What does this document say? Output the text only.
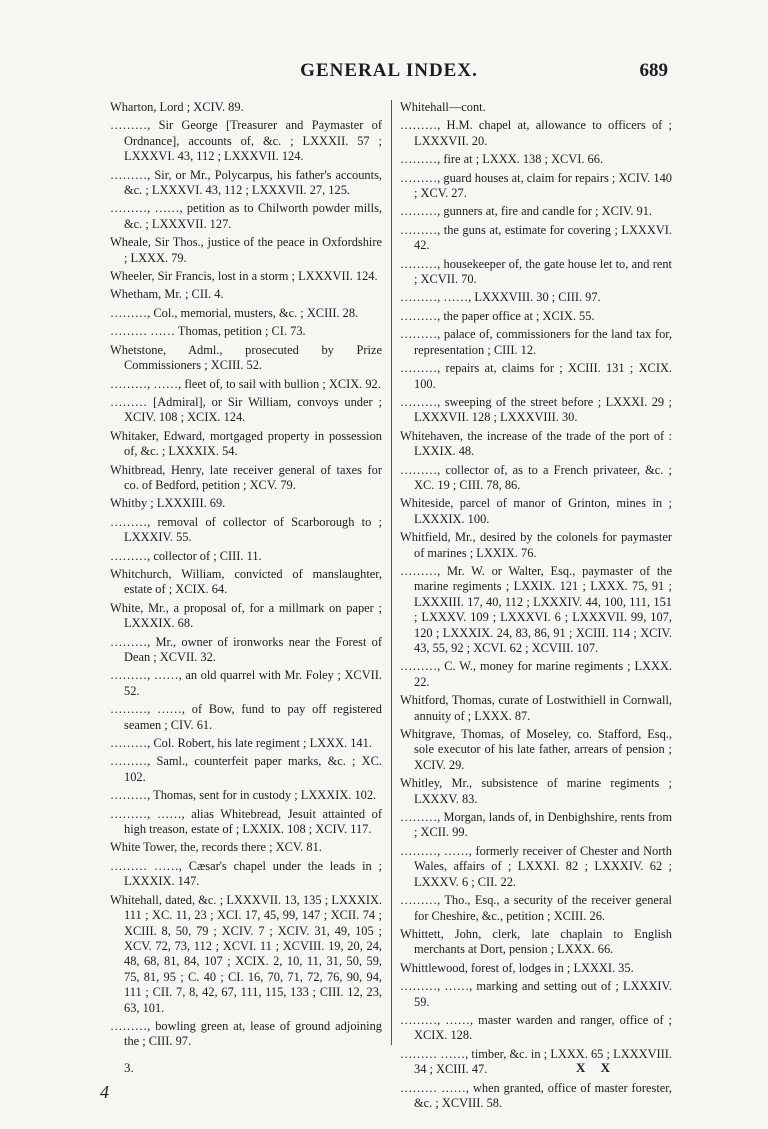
GENERAL INDEX.	689

Wharton, Lord ; XCIV. 89.

………, Sir George [Treasurer and Paymaster of Ordnance], accounts of, &c. ; LXXXII. 57 ; LXXXVI. 43, 112 ; LXXXVII. 124.

………, Sir, or Mr., Polycarpus, his father's accounts, &c. ; LXXXVI. 43, 112 ; LXXXVII. 27, 125.

………, ……, petition as to Chilworth powder mills, &c. ; LXXXVII. 127.

Wheale, Sir Thos., justice of the peace in Oxfordshire ; LXXX. 79.

Wheeler, Sir Francis, lost in a storm ; LXXXVII. 124.

Whetham, Mr. ; CII. 4.

………, Col., memorial, musters, &c. ; XCIII. 28.

……… …… Thomas, petition ; CI. 73.

Whetstone, Adml., prosecuted by Prize Commissioners ; XCIII. 52.

………, ……, fleet of, to sail with bullion ; XCIX. 92.

……… [Admiral], or Sir William, convoys under ; XCIV. 108 ; XCIX. 124.

Whitaker, Edward, mortgaged property in possession of, &c. ; LXXXIX. 54.

Whitbread, Henry, late receiver general of taxes for co. of Bedford, petition ; XCV. 79.

Whitby ; LXXXIII. 69.

………, removal of collector of Scarborough to ; LXXXIV. 55.

………, collector of ; CIII. 11.

Whitchurch, William, convicted of manslaughter, estate of ; XCIX. 64.

White, Mr., a proposal of, for a millmark on paper ; LXXXIX. 68.

………, Mr., owner of ironworks near the Forest of Dean ; XCVII. 32.

………, ……, an old quarrel with Mr. Foley ; XCVII. 52.

………, ……, of Bow, fund to pay off registered seamen ; CIV. 61.

………, Col. Robert, his late regiment ; LXXX. 141.

………, Saml., counterfeit paper marks, &c. ; XC. 102.

………, Thomas, sent for in custody ; LXXXIX. 102.

………, ……, alias Whitebread, Jesuit attainted of high treason, estate of ; LXXIX. 108 ; XCIV. 117.

White Tower, the, records there ; XCV. 81.

……… ……, Cæsar's chapel under the leads in ; LXXXIX. 147.

Whitehall, dated, &c. ; LXXXVII. 13, 135 ; LXXXIX. 111 ; XC. 11, 23 ; XCI. 17, 45, 99, 147 ; XCII. 74 ; XCIII. 8, 50, 79 ; XCIV. 7 ; XCIV. 31, 49, 105 ; XCV. 72, 73, 112 ; XCVI. 11 ; XCVIII. 19, 20, 24, 48, 68, 81, 84, 107 ; XCIX. 2, 10, 11, 31, 50, 59, 75, 81, 95 ; C. 40 ; CI. 16, 70, 71, 72, 76, 90, 94, 111 ; CII. 7, 8, 42, 67, 111, 115, 133 ; CIII. 12, 23, 63, 101.

………, bowling green at, lease of ground adjoining the ; CIII. 97.

Whitehall—cont.

………, H.M. chapel at, allowance to officers of ; LXXXVII. 20.

………, fire at ; LXXX. 138 ; XCVI. 66.

………, guard houses at, claim for repairs ; XCIV. 140 ; XCV. 27.

………, gunners at, fire and candle for ; XCIV. 91.

………, the guns at, estimate for covering ; LXXXVI. 42.

………, housekeeper of, the gate house let to, and rent ; XCVII. 70.

………, ……, LXXXVIII. 30 ; CIII. 97.

………, the paper office at ; XCIX. 55.

………, palace of, commissioners for the land tax for, representation ; CIII. 12.

………, repairs at, claims for ; XCIII. 131 ; XCIX. 100.

………, sweeping of the street before ; LXXXI. 29 ; LXXXVII. 128 ; LXXXVIII. 30.

Whitehaven, the increase of the trade of the port of : LXXIX. 48.

………, collector of, as to a French privateer, &c. ; XC. 19 ; CIII. 78, 86.

Whiteside, parcel of manor of Grinton, mines in ; LXXXIX. 100.

Whitfield, Mr., desired by the colonels for paymaster of marines ; LXXIX. 76.

………, Mr. W. or Walter, Esq., paymaster of the marine regiments ; LXXIX. 121 ; LXXX. 75, 91 ; LXXXIII. 17, 40, 112 ; LXXXIV. 44, 100, 111, 151 ; LXXXV. 109 ; LXXXVI. 6 ; LXXXVII. 99, 107, 120 ; LXXXIX. 24, 83, 86, 91 ; XCIII. 114 ; XCIV. 43, 55, 92 ; XCVI. 62 ; XCVIII. 107.

………, C. W., money for marine regiments ; LXXX. 22.

Whitford, Thomas, curate of Lostwithiell in Cornwall, annuity of ; LXXX. 87.

Whitgrave, Thomas, of Moseley, co. Stafford, Esq., sole executor of his late father, arrears of pension ; XCIV. 29.

Whitley, Mr., subsistence of marine regiments ; LXXXV. 83.

………, Morgan, lands of, in Denbighshire, rents from ; XCII. 99.

………, ……, formerly receiver of Chester and North Wales, affairs of ; LXXXI. 82 ; LXXXIV. 62 ; LXXXV. 6 ; CII. 22.

………, Tho., Esq., a security of the receiver general for Cheshire, &c., petition ; XCIII. 26.

Whittett, John, clerk, late chaplain to English merchants at Dort, pension ; LXXX. 66.

Whittlewood, forest of, lodges in ; LXXXI. 35.

………, ……, marking and setting out of ; LXXXIV. 59.

………, ……, master warden and ranger, office of ; XCIX. 128.

……… ……, timber, &c. in ; LXXX. 65 ; LXXXVIII. 34 ; XCIII. 47.

……… ……, when granted, office of master forester, &c. ; XCVIII. 58.

3.	X X
4
